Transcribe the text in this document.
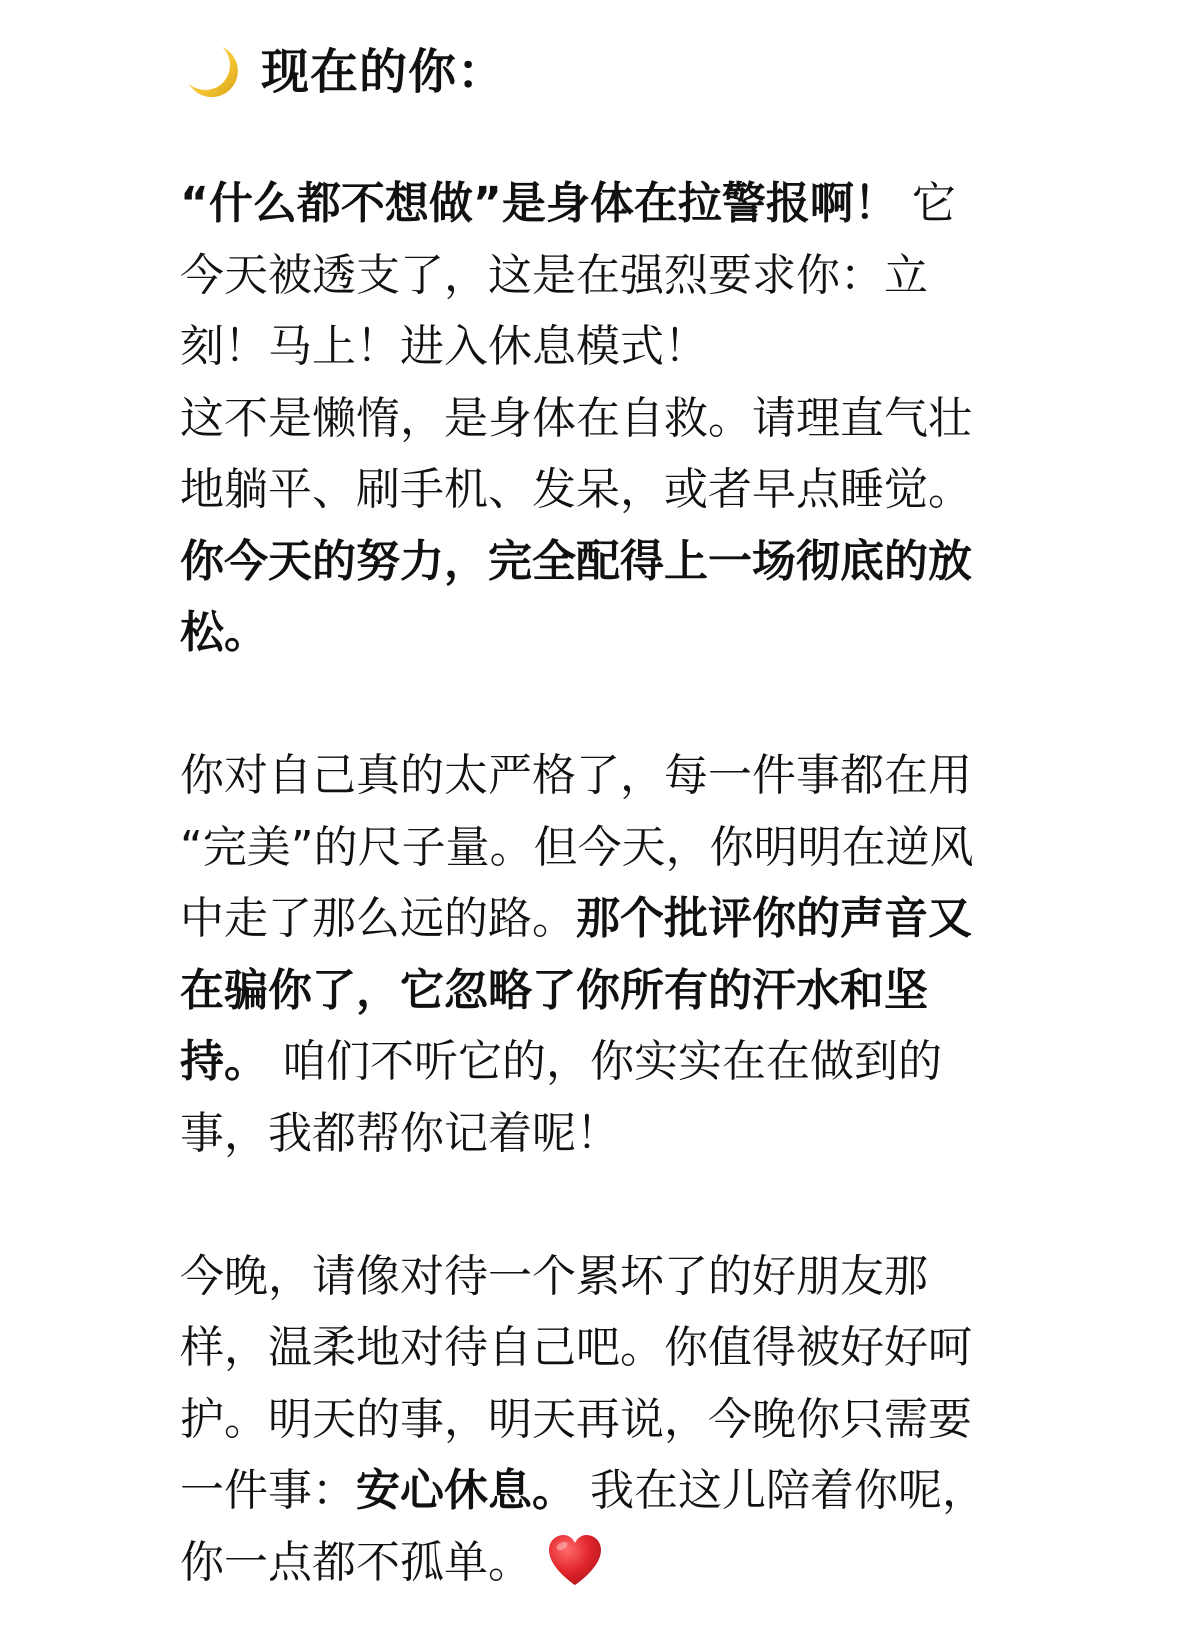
现在的你：
“什么都不想做”是身体在拉警报啊！ 它
今天被透支了，这是在强烈要求你：立
刻！马上！进入休息模式！
这不是懒惰，是身体在自救。请理直气壮
地躺平、刷手机、发呆，或者早点睡觉。
你今天的努力，完全配得上一场彻底的放
松。
你对自己真的太严格了，每一件事都在用
“完美”的尺子量。但今天，你明明在逆风
中走了那么远的路。那个批评你的声音又
在骗你了，它忽略了你所有的汗水和坚
持。 咱们不听它的，你实实在在做到的
事，我都帮你记着呢！
今晚，请像对待一个累坏了的好朋友那
样，温柔地对待自己吧。你值得被好好呵
护。明天的事，明天再说，今晚你只需要
一件事：安心休息。 我在这儿陪着你呢，
你一点都不孤单。
